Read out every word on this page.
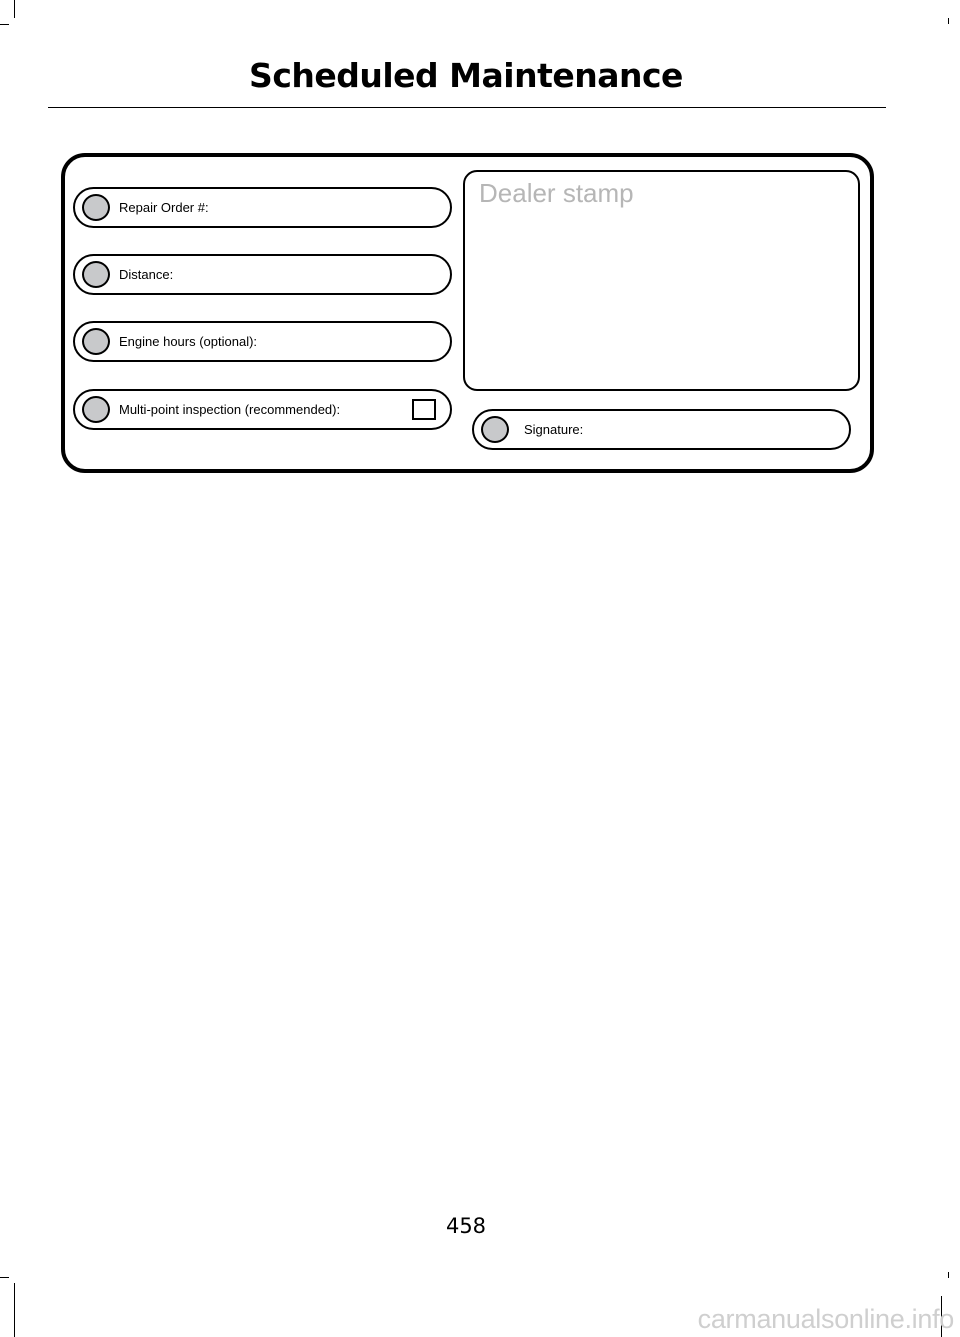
Scheduled Maintenance
Repair Order #:
Distance:
Engine hours (optional):
Multi-point inspection (recommended):
Dealer stamp
Signature:
458
carmanualsonline.info
